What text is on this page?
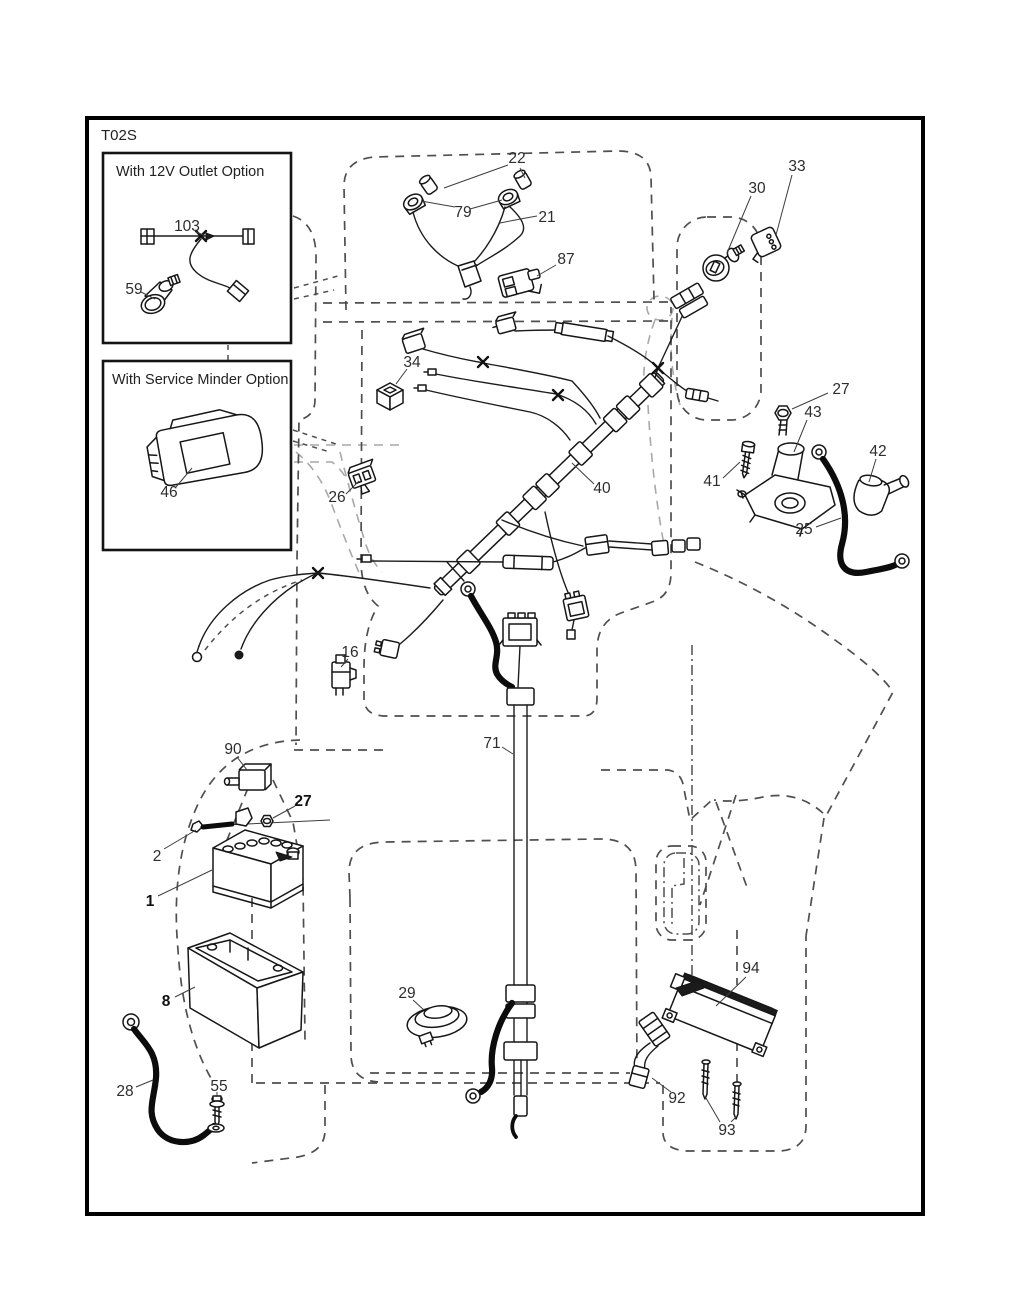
T02S
With 12V Outlet Option
With Service Minder Option
103
59
46
22
79	21
87
30
33
34
26
40
27
43
41
42
25
16
90
27
2
1
8
28	55
71
29
94
92
93
